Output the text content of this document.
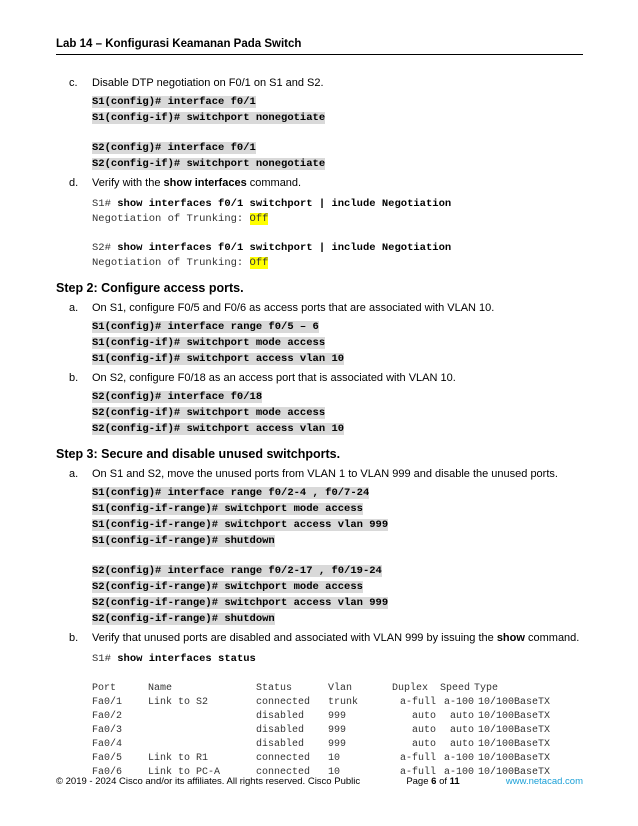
Lab 14 – Konfigurasi Keamanan Pada Switch
c. Disable DTP negotiation on F0/1 on S1 and S2.
S1(config)# interface f0/1
S1(config-if)# switchport nonegotiate
S2(config)# interface f0/1
S2(config-if)# switchport nonegotiate
d. Verify with the show interfaces command.
S1# show interfaces f0/1 switchport | include Negotiation
Negotiation of Trunking: Off
S2# show interfaces f0/1 switchport | include Negotiation
Negotiation of Trunking: Off
Step 2: Configure access ports.
a. On S1, configure F0/5 and F0/6 as access ports that are associated with VLAN 10.
S1(config)# interface range f0/5 – 6
S1(config-if)# switchport mode access
S1(config-if)# switchport access vlan 10
b. On S2, configure F0/18 as an access port that is associated with VLAN 10.
S2(config)# interface f0/18
S2(config-if)# switchport mode access
S2(config-if)# switchport access vlan 10
Step 3: Secure and disable unused switchports.
a. On S1 and S2, move the unused ports from VLAN 1 to VLAN 999 and disable the unused ports.
S1(config)# interface range f0/2-4 , f0/7-24
S1(config-if-range)# switchport mode access
S1(config-if-range)# switchport access vlan 999
S1(config-if-range)# shutdown
S2(config)# interface range f0/2-17 , f0/19-24
S2(config-if-range)# switchport mode access
S2(config-if-range)# switchport access vlan 999
S2(config-if-range)# shutdown
b. Verify that unused ports are disabled and associated with VLAN 999 by issuing the show command.
S1# show interfaces status
Port	Name	Status	Vlan	Duplex	Speed	Type
Fa0/1	Link to S2	connected	trunk	a-full	a-100	10/100BaseTX
Fa0/2		disabled	999	auto	auto	10/100BaseTX
Fa0/3		disabled	999	auto	auto	10/100BaseTX
Fa0/4		disabled	999	auto	auto	10/100BaseTX
Fa0/5	Link to R1	connected	10	a-full	a-100	10/100BaseTX
Fa0/6	Link to PC-A	connected	10	a-full	a-100	10/100BaseTX
© 2019 - 2024 Cisco and/or its affiliates. All rights reserved. Cisco Public	Page 6 of 11	www.netacad.com
